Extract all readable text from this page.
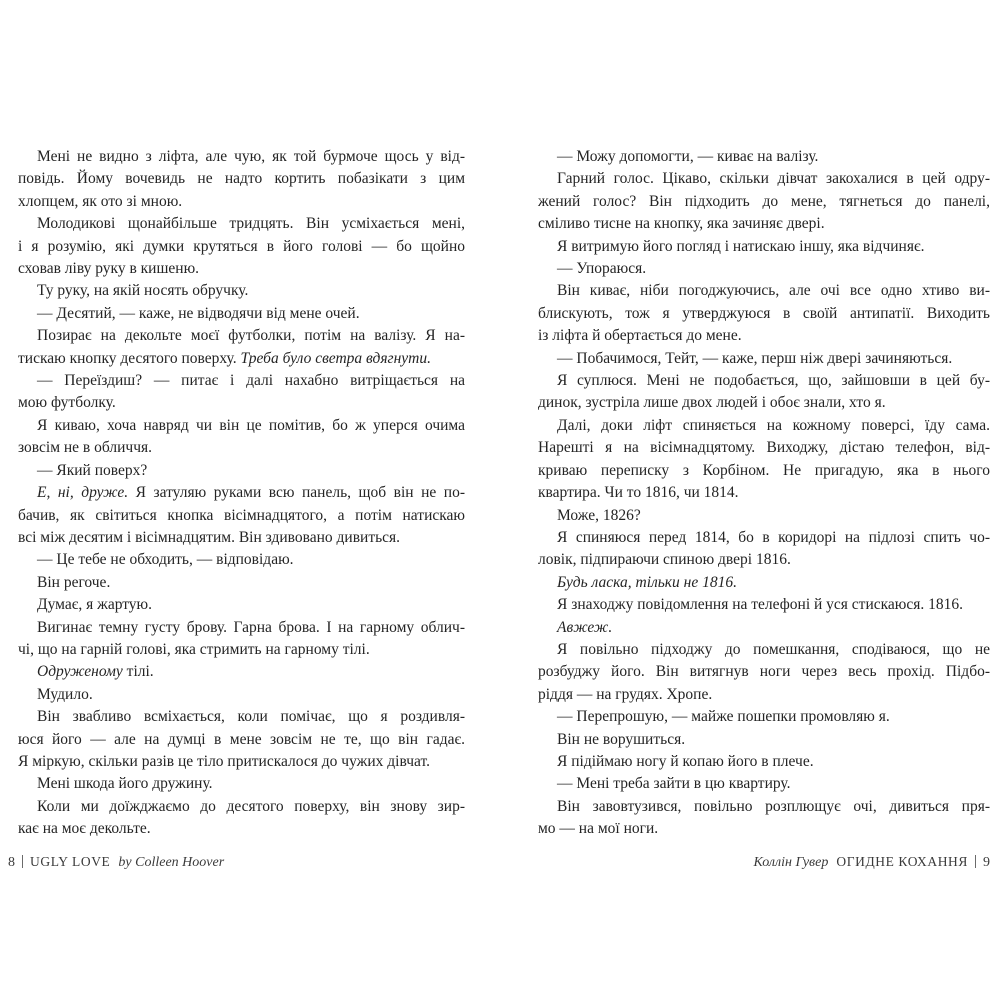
Мені не видно з ліфта, але чую, як той бурмоче щось у від-
повідь. Йому вочевидь не надто кортить побазікати з цим
хлопцем, як ото зі мною.
Молодикові щонайбільше тридцять. Він усміхається мені,
і я розумію, які думки крутяться в його голові — бо щойно
сховав ліву руку в кишеню.
Ту руку, на якій носять обручку.
— Десятий, — каже, не відводячи від мене очей.
Позирає на декольте моєї футболки, потім на валізу. Я на-
тискаю кнопку десятого поверху. Треба було светра вдягнути.
— Переїздиш? — питає і далі нахабно витріщається на
мою футболку.
Я киваю, хоча навряд чи він це помітив, бо ж уперся очима
зовсім не в обличчя.
— Який поверх?
Е, ні, друже. Я затуляю руками всю панель, щоб він не по-
бачив, як світиться кнопка вісімнадцятого, а потім натискаю
всі між десятим і вісімнадцятим. Він здивовано дивиться.
— Це тебе не обходить, — відповідаю.
Він регоче.
Думає, я жартую.
Вигинає темну густу брову. Гарна брова. І на гарному облич-
чі, що на гарній голові, яка стримить на гарному тілі.
Одруженому тілі.
Мудило.
Він звабливо всміхається, коли помічає, що я роздивля-
юся його — але на думці в мене зовсім не те, що він гадає.
Я міркую, скільки разів це тіло притискалося до чужих дівчат.
Мені шкода його дружину.
Коли ми доїжджаємо до десятого поверху, він знову зир-
кає на моє декольте.
— Можу допомогти, — киває на валізу.
Гарний голос. Цікаво, скільки дівчат закохалися в цей одру-
жений голос? Він підходить до мене, тягнеться до панелі,
сміливо тисне на кнопку, яка зачиняє двері.
Я витримую його погляд і натискаю іншу, яка відчиняє.
— Упораюся.
Він киває, ніби погоджуючись, але очі все одно хтиво ви-
блискують, тож я утверджуюся в своїй антипатії. Виходить
із ліфта й обертається до мене.
— Побачимося, Тейт, — каже, перш ніж двері зачиняються.
Я суплюся. Мені не подобається, що, зайшовши в цей бу-
динок, зустріла лише двох людей і обоє знали, хто я.
Далі, доки ліфт спиняється на кожному поверсі, їду сама.
Нарешті я на вісімнадцятому. Виходжу, дістаю телефон, від-
криваю переписку з Корбіном. Не пригадую, яка в нього
квартира. Чи то 1816, чи 1814.
Може, 1826?
Я спиняюся перед 1814, бо в коридорі на підлозі спить чо-
ловік, підпираючи спиною двері 1816.
Будь ласка, тільки не 1816.
Я знаходжу повідомлення на телефоні й уся стискаюся. 1816.
Авжеж.
Я повільно підходжу до помешкання, сподіваюся, що не
розбуджу його. Він витягнув ноги через весь прохід. Підбо-
ріддя — на грудях. Хропе.
— Перепрошую, — майже пошепки промовляю я.
Він не ворушиться.
Я підіймаю ногу й копаю його в плече.
— Мені треба зайти в цю квартиру.
Він завовтузився, повільно розплющує очі, дивиться пря-
мо — на мої ноги.
8 UGLY LOVE by Colleen Hoover	Коллін Гувер ОГИДНЕ КОХАННЯ 9
